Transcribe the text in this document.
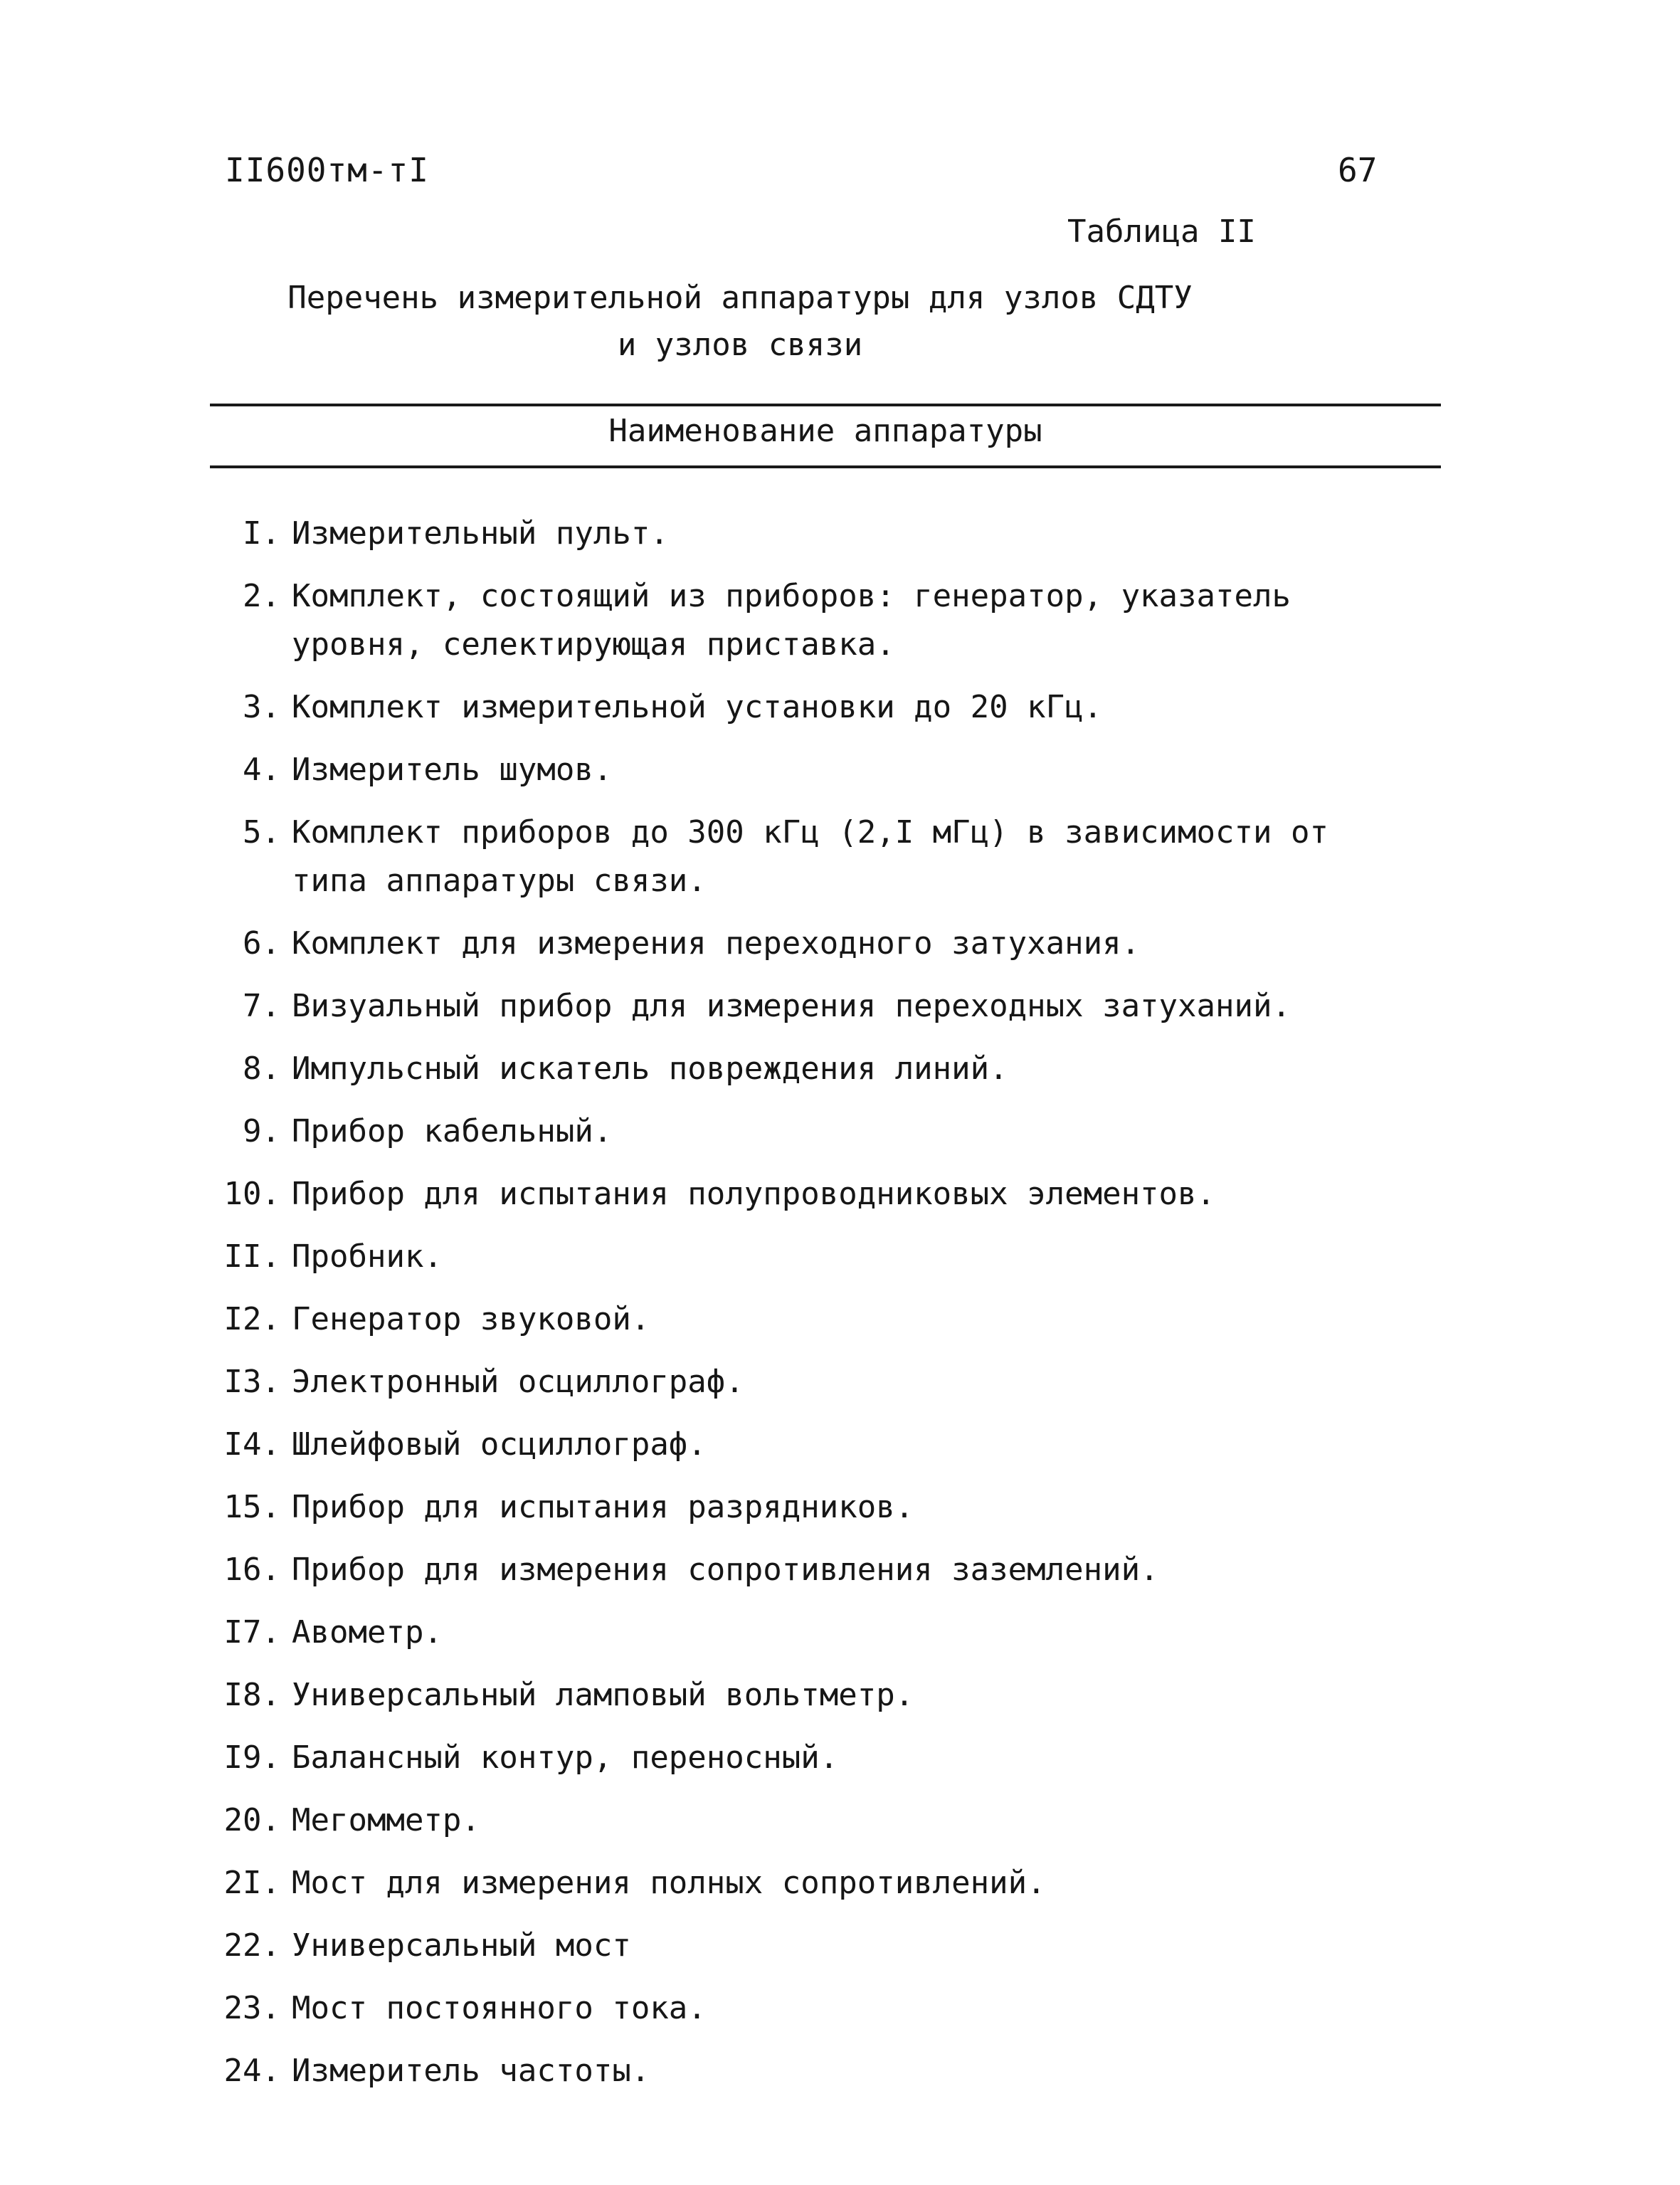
II600тм-тI	67
Таблица II
Перечень измерительной аппаратуры для узлов СДТУ
и узлов связи
Наименование аппаратуры
I. Измерительный пульт.
2. Комплект, состоящий из приборов: генератор, указатель уровня, селектирующая приставка.
3. Комплект измерительной установки до 20 кГц.
4. Измеритель шумов.
5. Комплект приборов до 300 кГц (2,I мГц) в зависимости от типа аппаратуры связи.
6. Комплект для измерения переходного затухания.
7. Визуальный прибор для измерения переходных затуханий.
8. Импульсный искатель повреждения линий.
9. Прибор кабельный.
10. Прибор для испытания полупроводниковых элементов.
II. Пробник.
I2. Генератор звуковой.
I3. Электронный осциллограф.
I4. Шлейфовый осциллограф.
15. Прибор для испытания разрядников.
16. Прибор для измерения сопротивления заземлений.
I7. Авометр.
I8. Универсальный ламповый вольтметр.
I9. Балансный контур, переносный.
20. Мегомметр.
2I. Мост для измерения полных сопротивлений.
22. Универсальный мост
23. Мост постоянного тока.
24. Измеритель частоты.
